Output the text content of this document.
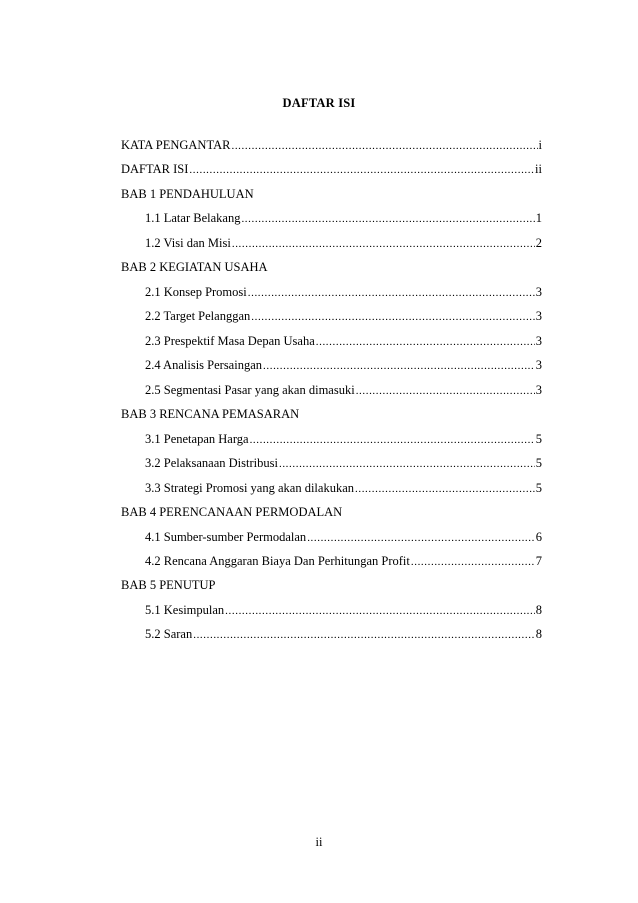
DAFTAR ISI
KATA PENGANTAR .....	i
DAFTAR ISI .....	ii
BAB 1 PENDAHULUAN
1.1 Latar Belakang .....	1
1.2 Visi dan Misi .....	2
BAB 2 KEGIATAN USAHA
2.1 Konsep Promosi .....	3
2.2 Target Pelanggan .....	3
2.3 Prespektif Masa Depan Usaha .....	3
2.4 Analisis Persaingan .....	3
2.5 Segmentasi Pasar yang akan dimasuki .....	3
BAB 3 RENCANA PEMASARAN
3.1 Penetapan Harga .....	5
3.2 Pelaksanaan Distribusi .....	5
3.3 Strategi Promosi yang akan dilakukan .....	5
BAB 4 PERENCANAAN PERMODALAN
4.1 Sumber-sumber Permodalan .....	6
4.2 Rencana Anggaran Biaya Dan Perhitungan Profit .....	7
BAB 5 PENUTUP
5.1 Kesimpulan .....	8
5.2 Saran .....	8
ii
